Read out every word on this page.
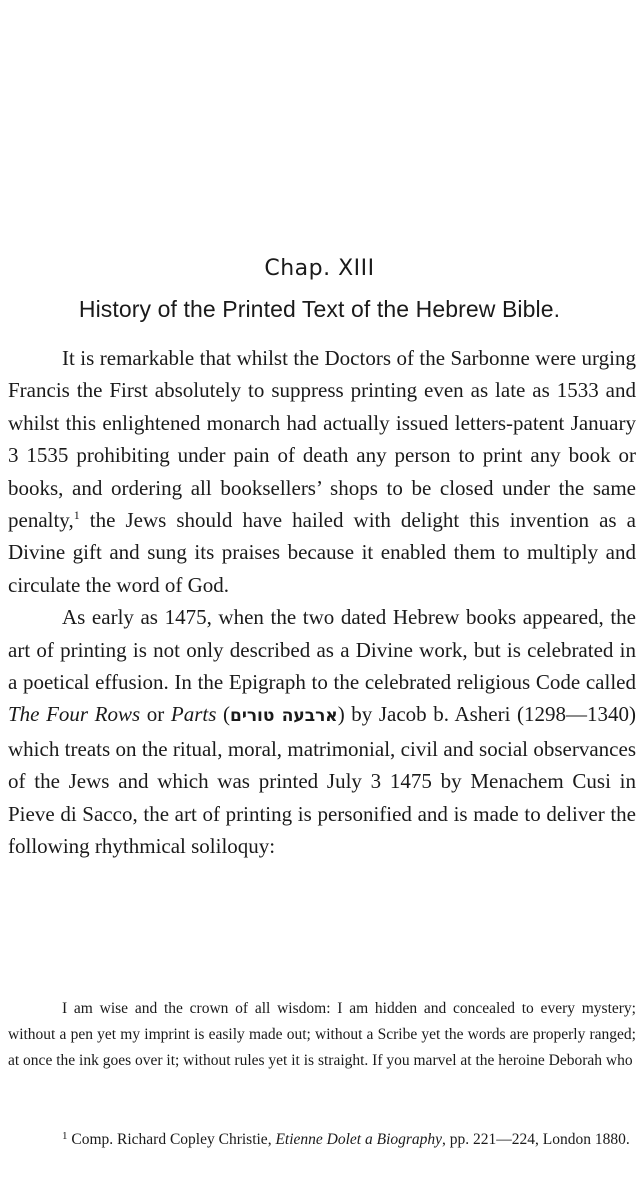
Chap. XIII
History of the Printed Text of the Hebrew Bible.

It is remarkable that whilst the Doctors of the Sarbonne were urging Francis the First absolutely to suppress printing even as late as 1533 and whilst this enlightened monarch had actually issued letters-patent January 3 1535 prohibiting under pain of death any person to print any book or books, and ordering all booksellers’ shops to be closed under the same penalty,$^1$ the Jews should have hailed with delight this invention as a Divine gift and sung its praises because it enabled them to multiply and circulate the word of God.

As early as 1475, when the two dated Hebrew books appeared, the art of printing is not only described as a Divine work, but is celebrated in a poetical effusion. In the Epigraph to the celebrated religious Code called The Four Rows or Parts (ארבעה טורים) by Jacob b. Asheri (1298—1340) which treats on the ritual, moral, matrimonial, civil and social observances of the Jews and which was printed July 3 1475 by Menachem Cusi in Pieve di Sacco, the art of printing is personified and is made to deliver the following rhythmical soliloquy:

I am wise and the crown of all wisdom: I am hidden and concealed to every mystery; without a pen yet my imprint is easily made out; without a Scribe yet the words are properly ranged; at once the ink goes over it; without rules yet it is straight. If you marvel at the heroine Deborah who

$^1$ Comp. Richard Copley Christie, Etienne Dolet a Biography, pp. 221—224, London 1880.
